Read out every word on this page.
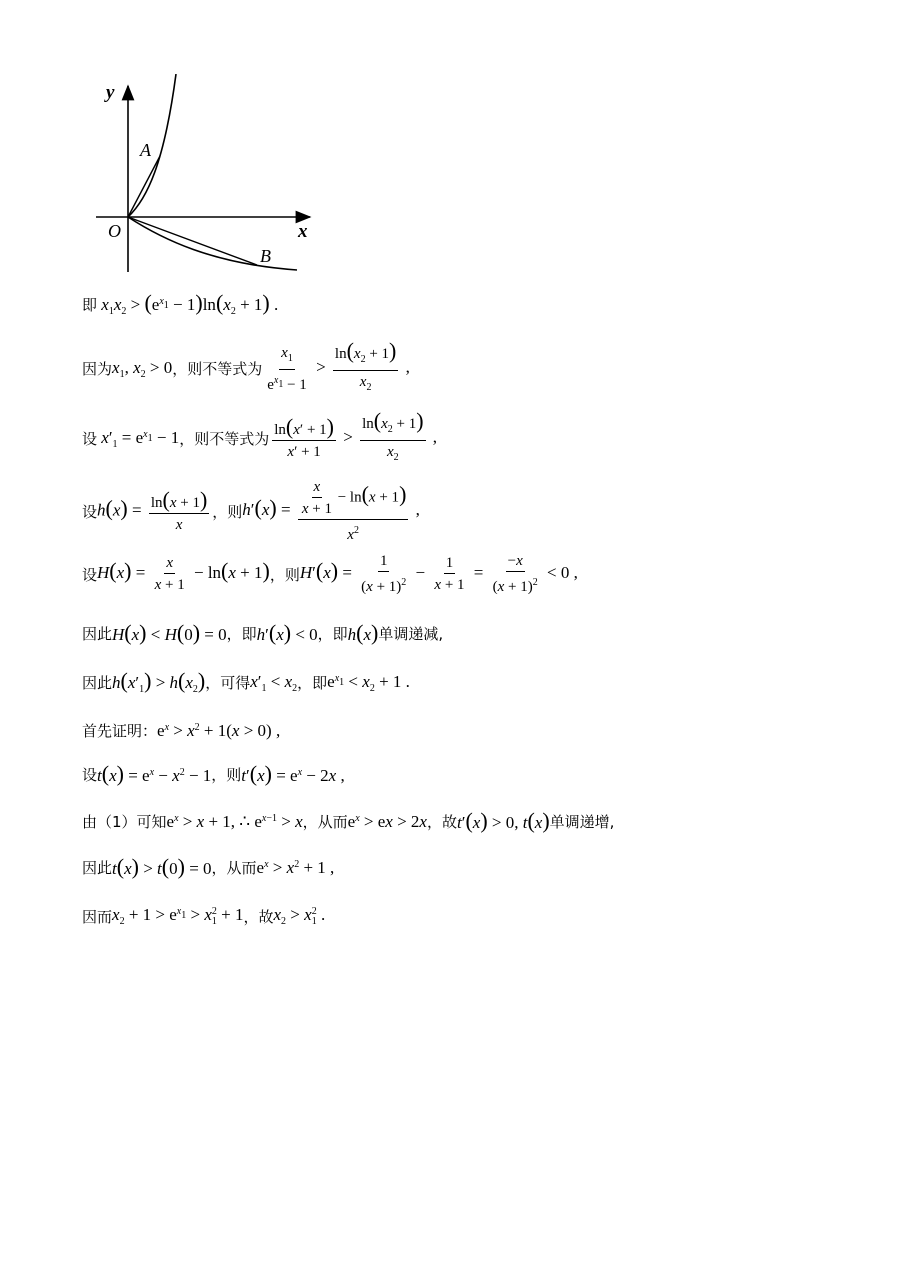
y
x
O
A
B
即 $x_1x_2 > (e^{x_1} - 1)\ln(x_2 + 1)$ .
因为 $x_1$, $x_2 > 0$ ，则不等式为 $\frac{x_1}{e^{x_1} - 1} > \frac{\ln(x_2 + 1)}{x_2}$ ,
设 $x'_1 = e^{x_1} - 1$ ，则不等式为 $\frac{\ln(x' + 1)}{x' + 1} > \frac{\ln(x_2 + 1)}{x_2}$ ,
设 $h(x) = \frac{\ln(x + 1)}{x}$ ，则 $h'(x) = \frac{\frac{x}{x + 1} - \ln(x + 1)}{x^2}$ ,
设 $H(x) = \frac{x}{x + 1} - \ln(x + 1)$ ，则 $H'(x) = \frac{1}{(x + 1)^2} - \frac{1}{x + 1} = \frac{-x}{(x + 1)^2} < 0$ ,
因此 H(x) < H(0) = 0 ，即 h′(x) < 0 ，即 h(x) 单调递减,
因此 $h(x'_1) > h(x_2)$ ，可得 $x'_1 < x_2$ ，即 $e^{x_1} < x_2 + 1$ .
首先证明： $e^x > x^2 + 1(x > 0)$ ,
设 $t(x) = e^x - x^2 - 1$ ，则 $t'(x) = e^x - 2x$ ,
由（1）可知 $e^x > x + 1$, ∴ $e^{x-1} > x$ ，从而 $e^x$ > ex > 2x ，故 t′(x) > 0, t(x) 单调递增,
因此 t(x) > t(0) = 0 ，从而 $e^x > x^2 + 1$ ,
因而 $x_2 + 1 > e^{x_1} > x_1^2 + 1$ ，故 $x_2 > x_1^2$ .
